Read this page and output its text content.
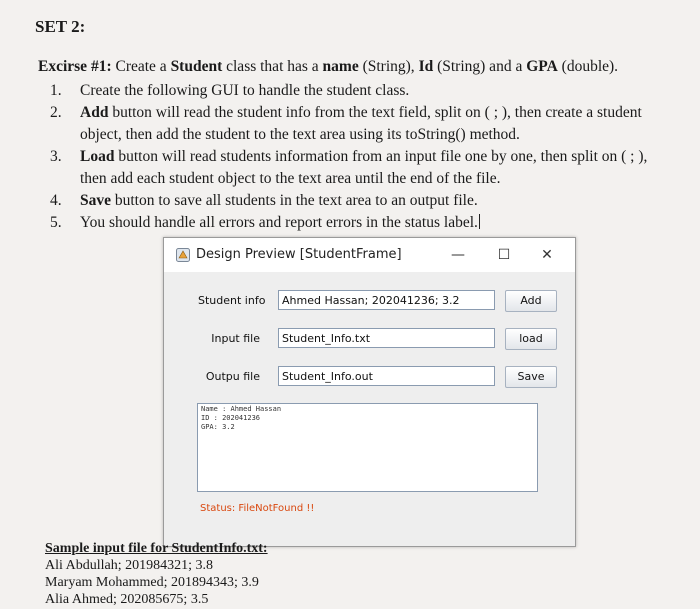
SET 2:
Excirse #1: Create a Student class that has a name (String), Id (String) and a GPA (double).
1. Create the following GUI to handle the student class.
2. Add button will read the student info from the text field, split on ( ; ), then create a student
object, then add the student to the text area using its toString() method.
3. Load button will read students information from an input file one by one, then split on ( ; ),
then add each student object to the text area until the end of the file.
4. Save button to save all students in the text area to an output file.
5. You should handle all errors and report errors in the status label.
Design Preview [StudentFrame]	—	☐	✕
Student info	Ahmed Hassan; 202041236; 3.2	Add
Input file	Student_Info.txt	load
Outpu file	Student_Info.out	Save
Name : Ahmed Hassan
ID : 202041236
GPA: 3.2
Status: FileNotFound !!
Sample input file for StudentInfo.txt:
Ali Abdullah; 201984321; 3.8
Maryam Mohammed; 201894343; 3.9
Alia Ahmed; 202085675; 3.5
